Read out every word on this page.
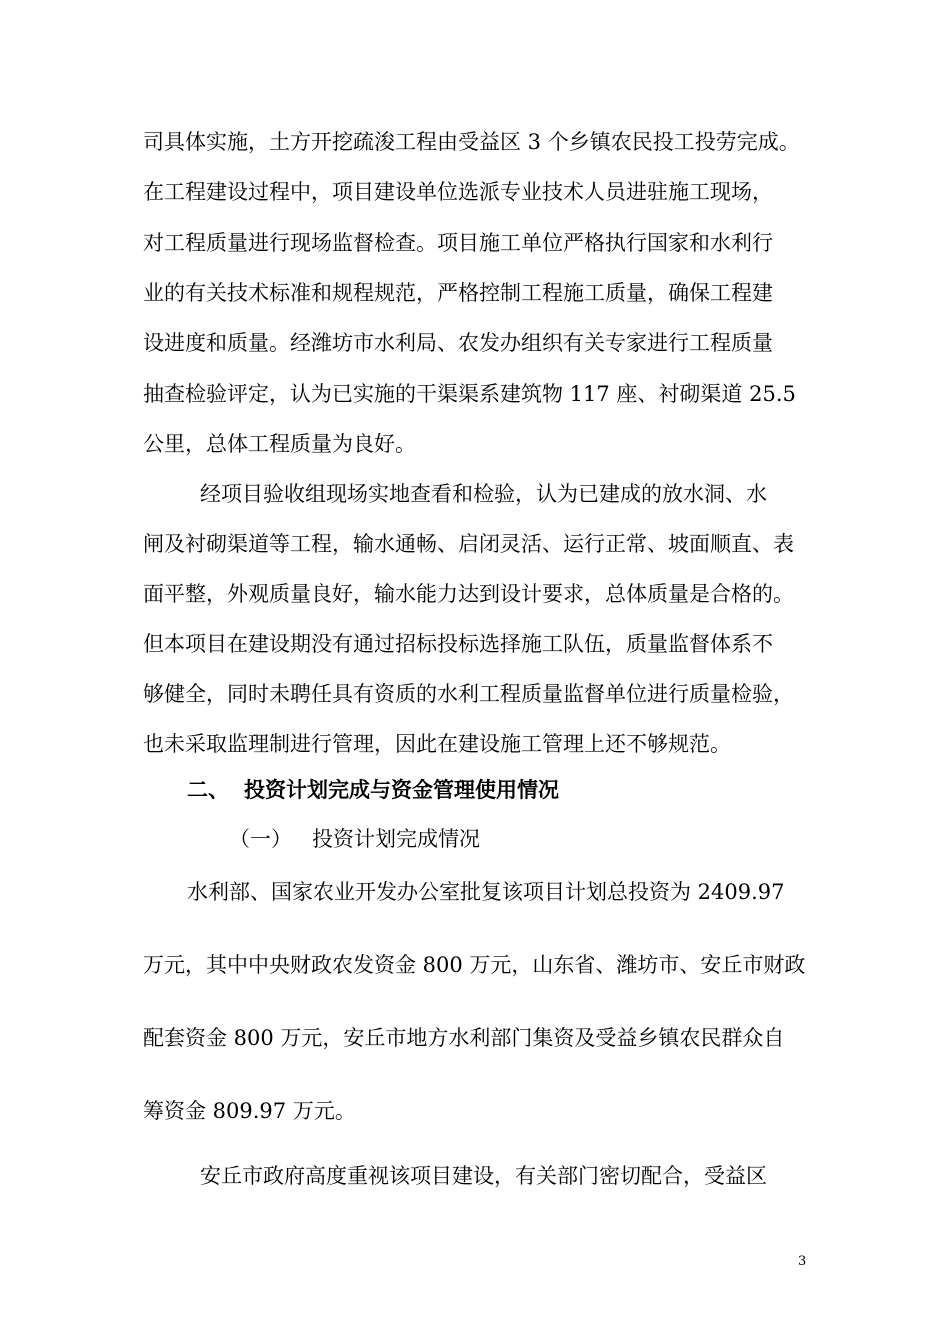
司具体实施，土方开挖疏浚工程由受益区 3 个乡镇农民投工投劳完成。
在工程建设过程中，项目建设单位选派专业技术人员进驻施工现场，
对工程质量进行现场监督检查。项目施工单位严格执行国家和水利行
业的有关技术标准和规程规范，严格控制工程施工质量，确保工程建
设进度和质量。经潍坊市水利局、农发办组织有关专家进行工程质量
抽查检验评定，认为已实施的干渠渠系建筑物 117 座、衬砌渠道 25.5
公里，总体工程质量为良好。
经项目验收组现场实地查看和检验，认为已建成的放水洞、水
闸及衬砌渠道等工程，输水通畅、启闭灵活、运行正常、坡面顺直、表
面平整，外观质量良好，输水能力达到设计要求，总体质量是合格的。
但本项目在建设期没有通过招标投标选择施工队伍，质量监督体系不
够健全，同时未聘任具有资质的水利工程质量监督单位进行质量检验，
也未采取监理制进行管理，因此在建设施工管理上还不够规范。
二、 投资计划完成与资金管理使用情况
（一） 投资计划完成情况
水利部、国家农业开发办公室批复该项目计划总投资为 2409.97
万元，其中中央财政农发资金 800 万元，山东省、潍坊市、安丘市财政
配套资金 800 万元，安丘市地方水利部门集资及受益乡镇农民群众自
筹资金 809.97 万元。
安丘市政府高度重视该项目建设，有关部门密切配合，受益区
3
